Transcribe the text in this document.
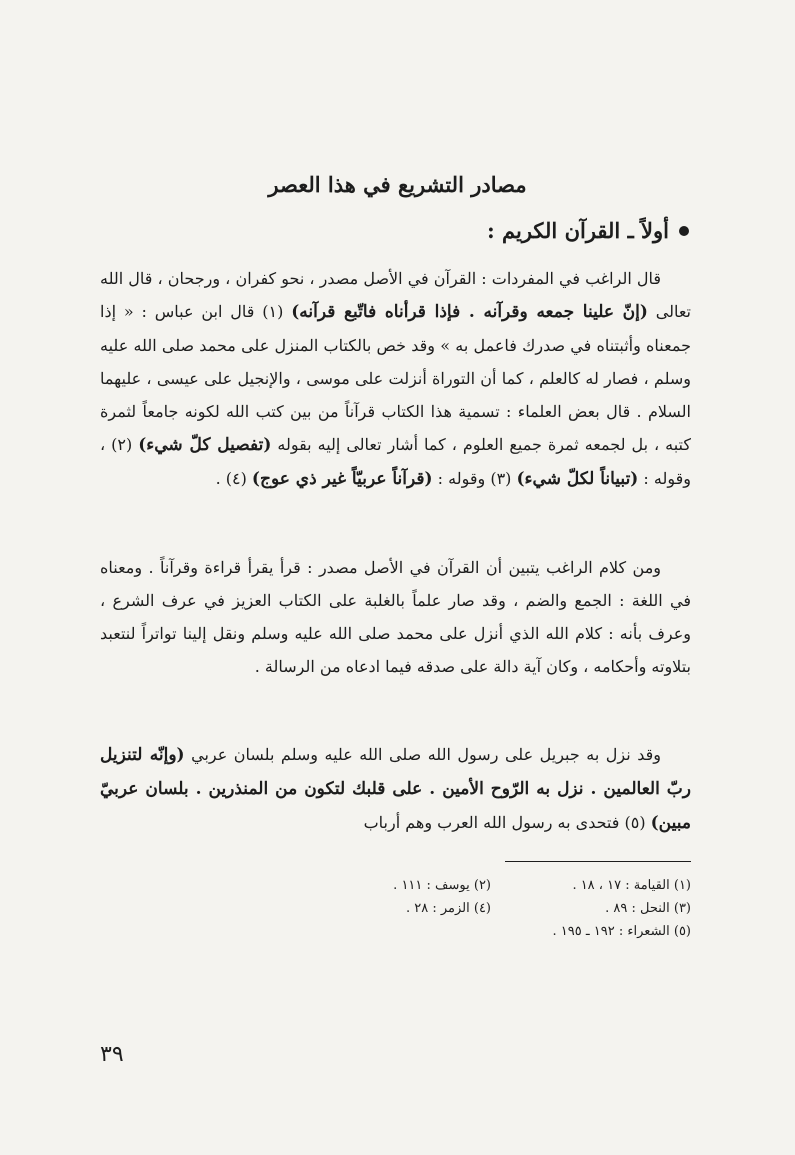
مصادر التشريع في هذا العصر
أولاً ـ القرآن الكريم :

قال الراغب في المفردات : القرآن في الأصل مصدر ، نحو كفران ، ورجحان ، قال الله تعالى (إنّ علينا جمعه وقرآنه . فإذا قرأناه فاتّبع قرآنه) (١) قال ابن عباس : « إذا جمعناه وأثبتناه في صدرك فاعمل به » وقد خص بالكتاب المنزل على محمد صلى الله عليه وسلم ، فصار له كالعلم ، كما أن التوراة أنزلت على موسى ، والإنجيل على عيسى ، عليهما السلام . قال بعض العلماء : تسمية هذا الكتاب قرآناً من بين كتب الله لكونه جامعاً لثمرة كتبه ، بل لجمعه ثمرة جميع العلوم ، كما أشار تعالى إليه بقوله (تفصيل كلّ شيء) (٢) ، وقوله : (تبياناً لكلّ شيء) (٣) وقوله : (قرآناً عربيّاً غير ذي عوج) (٤) .

ومن كلام الراغب يتبين أن القرآن في الأصل مصدر : قرأ يقرأ قراءة وقرآناً . ومعناه في اللغة : الجمع والضم ، وقد صار علماً بالغلبة على الكتاب العزيز في عرف الشرع ، وعرف بأنه : كلام الله الذي أنزل على محمد صلى الله عليه وسلم ونقل إلينا تواتراً لنتعبد بتلاوته وأحكامه ، وكان آية دالة على صدقه فيما ادعاه من الرسالة .

وقد نزل به جبريل على رسول الله صلى الله عليه وسلم بلسان عربي (وإنّه لتنزيل ربّ العالمين . نزل به الرّوح الأمين . على قلبك لتكون من المنذرين . بلسان عربيّ مبين) (٥) فتحدى به رسول الله العرب وهم أرباب

(١) القيامة : ١٧ ، ١٨ .
(٢) يوسف : ١١١ .
(٣) النحل : ٨٩ .
(٤) الزمر : ٢٨ .
(٥) الشعراء : ١٩٢ ـ ١٩٥ .
٣٩
